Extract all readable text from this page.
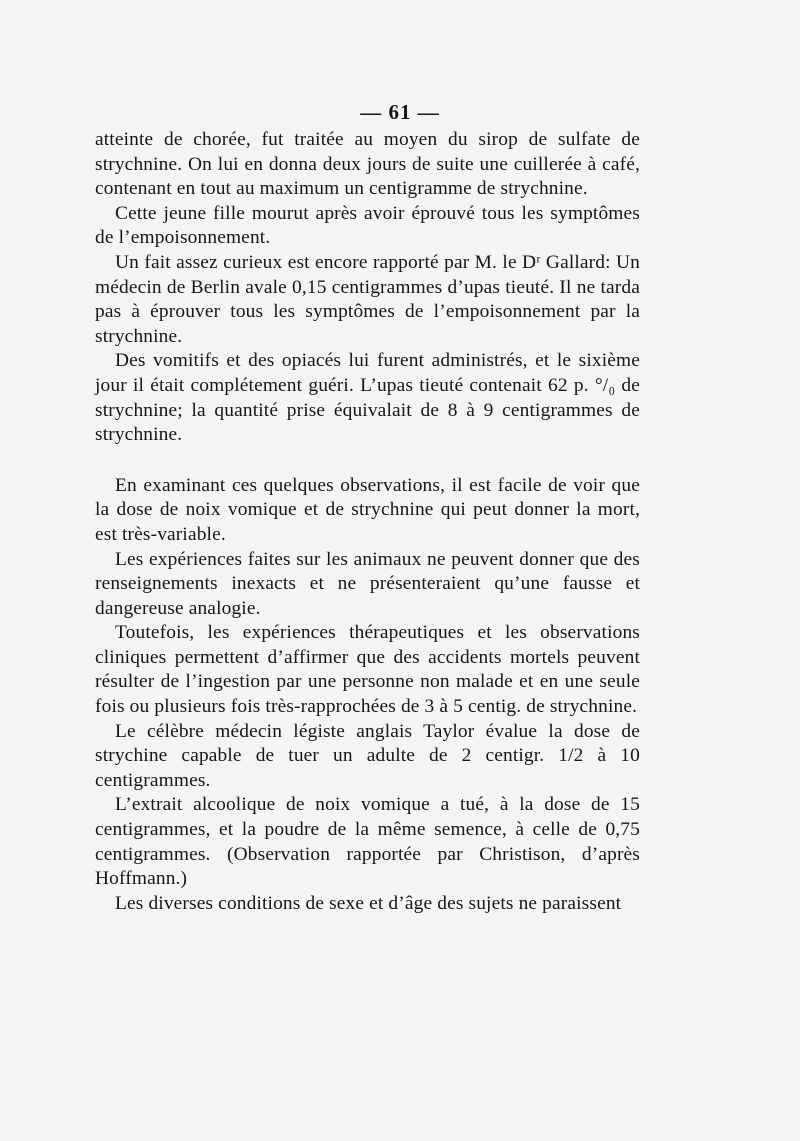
— 61 —

atteinte de chorée, fut traitée au moyen du sirop de sulfate de strychnine. On lui en donna deux jours de suite une cuillerée à café, contenant en tout au maximum un centigramme de strychnine.

Cette jeune fille mourut après avoir éprouvé tous les symptômes de l’empoisonnement.

Un fait assez curieux est encore rapporté par M. le Dʳ Gallard: Un médecin de Berlin avale 0,15 centigrammes d’upas tieuté. Il ne tarda pas à éprouver tous les symptômes de l’empoisonnement par la strychnine.

Des vomitifs et des opiacés lui furent administrés, et le sixième jour il était complétement guéri. L’upas tieuté contenait 62 p. °/₀ de strychnine; la quantité prise équivalait de 8 à 9 centigrammes de strychnine.

En examinant ces quelques observations, il est facile de voir que la dose de noix vomique et de strychnine qui peut donner la mort, est très-variable.

Les expériences faites sur les animaux ne peuvent donner que des renseignements inexacts et ne présenteraient qu’une fausse et dangereuse analogie.

Toutefois, les expériences thérapeutiques et les observations cliniques permettent d’affirmer que des accidents mortels peuvent résulter de l’ingestion par une personne non malade et en une seule fois ou plusieurs fois très-rapprochées de 3 à 5 centig. de strychnine.

Le célèbre médecin légiste anglais Taylor évalue la dose de strychine capable de tuer un adulte de 2 centigr. 1/2 à 10 centigrammes.

L’extrait alcoolique de noix vomique a tué, à la dose de 15 centigrammes, et la poudre de la même semence, à celle de 0,75 centigrammes. (Observation rapportée par Christison, d’après Hoffmann.)

Les diverses conditions de sexe et d’âge des sujets ne paraissent
